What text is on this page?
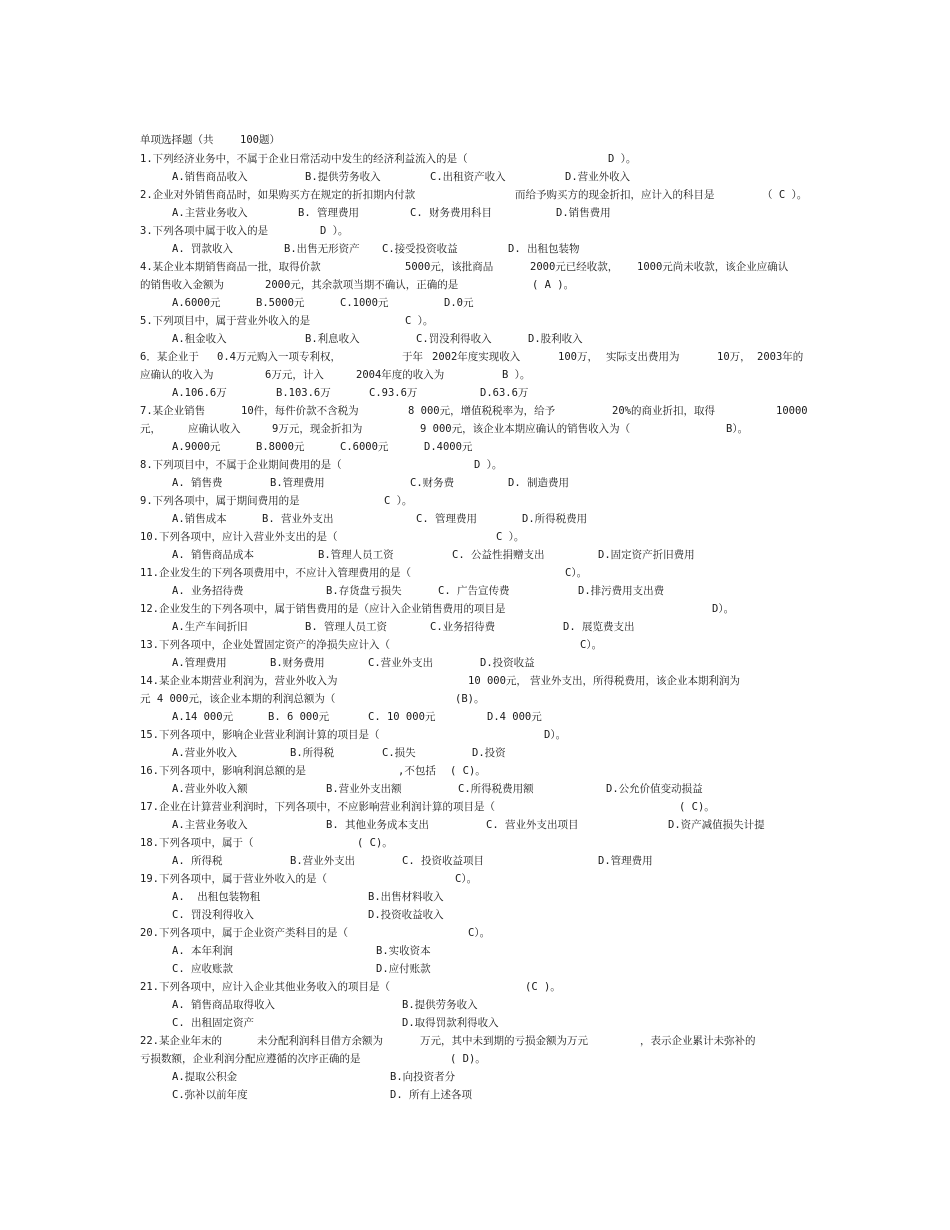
单项选择题（共	100题）
1.下列经济业务中，不属于企业日常活动中发生的经济利益流入的是（	D ）。
A.销售商品收入	B.提供劳务收入	C.出租资产收入	D.营业外收入
2.企业对外销售商品时，如果购买方在规定的折扣期内付款	而给予购买方的现金折扣，应计入的科目是	（ C ）。
A.主营业务收入	B. 管理费用	C. 财务费用科目	D.销售费用
3.下列各项中属于收入的是	D ）。
A. 罚款收入	B.出售无形资产 C.接受投资收益	D. 出租包装物
4.某企业本期销售商品一批，取得价款	5000元，该批商品	2000元已经收款， 1000元尚未收款，该企业应确认
的销售收入金额为	2000元，其余款项当期不确认，正确的是	( A )。
A.6000元	B.5000元	C.1000元	D.0元
5.下列项目中，属于营业外收入的是	C ）。
A.租金收入	B.利息收入	C.罚没利得收入	D.股利收入
6．某企业于 0.4万元购入一项专利权，	于年 2002年度实现收入	100万， 实际支出费用为	10万， 2003年的
应确认的收入为	6万元，计入	2004年度的收入为	B ）。
A.106.6万	B.103.6万	C.93.6万	D.63.6万
7.某企业销售	10件，每件价款不含税为	8 000元，增值税税率为，给予	20%的商业折扣，取得	10000
元，	应确认收入	9万元，现金折扣为	9 000元，该企业本期应确认的销售收入为（	B）。
A.9000元	B.8000元	C.6000元	D.4000元
8.下列项目中，不属于企业期间费用的是（	D ）。
A. 销售费	B.管理费用	C.财务费	D. 制造费用
9.下列各项中，属于期间费用的是	C ）。
A.销售成本	B. 营业外支出	C. 管理费用	D.所得税费用
10.下列各项中，应计入营业外支出的是（	C ）。
A. 销售商品成本	B.管理人员工资	C. 公益性捐赠支出	D.固定资产折旧费用
11.企业发生的下列各项费用中，不应计入管理费用的是（	C）。
A. 业务招待费	B.存货盘亏损失	C. 广告宣传费	D.排污费用支出费
12.企业发生的下列各项中，属于销售费用的是（应计入企业销售费用的项目是	D）。
A.生产车间折旧	B. 管理人员工资	C.业务招待费	D. 展览费支出
13.下列各项中，企业处置固定资产的净损失应计入（	C）。
A.管理费用	B.财务费用	C.营业外支出	D.投资收益
14.某企业本期营业利润为，营业外收入为	10 000元， 营业外支出，所得税费用，该企业本期利润为
元 4 000元，该企业本期的利润总额为（	(B)。
A.14 000元	B. 6 000元	C. 10 000元	D.4 000元
15.下列各项中，影响企业营业利润计算的项目是（	D）。
A.营业外收入	B.所得税	C.损失	D.投资
16.下列各项中，影响利润总额的是	,不包括 ( C)。
A.营业外收入额	B.营业外支出额	C.所得税费用额	D.公允价值变动损益
17.企业在计算营业利润时，下列各项中，不应影响营业利润计算的项目是（	( C)。
A.主营业务收入	B. 其他业务成本支出	C. 营业外支出项目	D.资产减值损失计提
18.下列各项中，属于（	( C)。
A. 所得税	B.营业外支出	C. 投资收益项目	D.管理费用
19.下列各项中，属于营业外收入的是（	C）。
A.  出租包装物租	B.出售材料收入
C. 罚没利得收入	D.投资收益收入
20.下列各项中，属于企业资产类科目的是（	C）。
A. 本年利润	B.实收资本
C. 应收账款	D.应付账款
21.下列各项中，应计入企业其他业务收入的项目是（	(C )。
A. 销售商品取得收入	B.提供劳务收入
C. 出租固定资产	D.取得罚款利得收入
22.某企业年末的	未分配利润科目借方余额为	万元，其中未到期的亏损金额为万元	，表示企业累计未弥补的
亏损数额，企业利润分配应遵循的次序正确的是	( D)。
A.提取公积金	B.向投资者分
C.弥补以前年度	D. 所有上述各项
